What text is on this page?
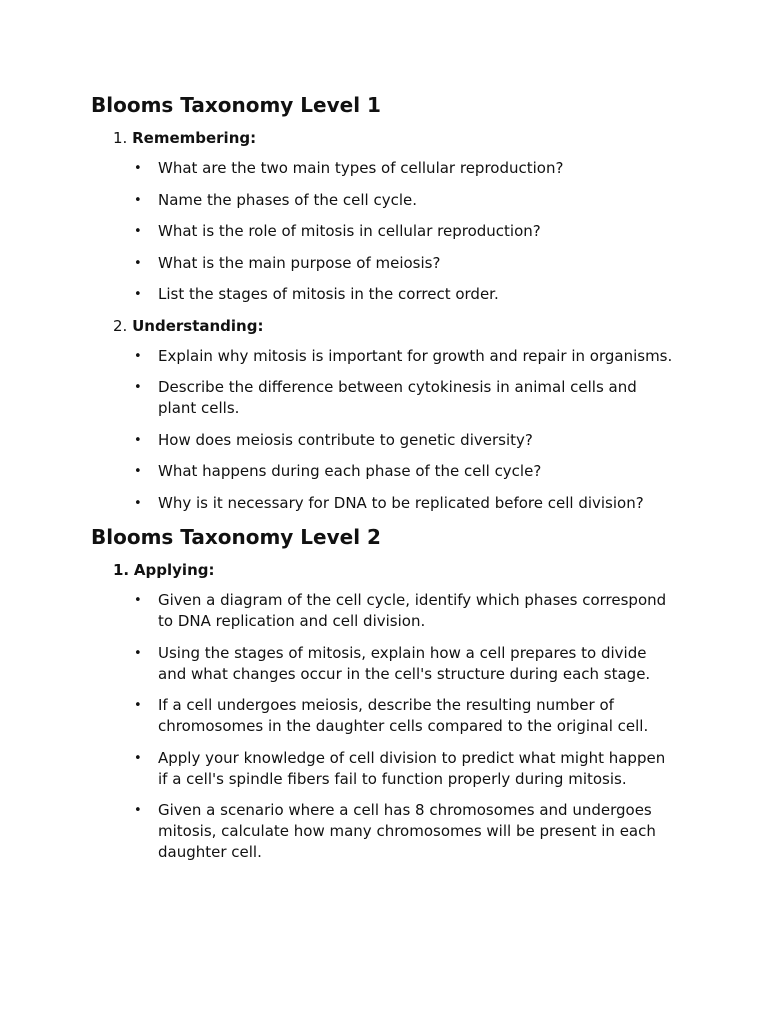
Blooms Taxonomy Level 1
1. Remembering:
• What are the two main types of cellular reproduction?
• Name the phases of the cell cycle.
• What is the role of mitosis in cellular reproduction?
• What is the main purpose of meiosis?
• List the stages of mitosis in the correct order.
2. Understanding:
• Explain why mitosis is important for growth and repair in organisms.
• Describe the difference between cytokinesis in animal cells and plant cells.
• How does meiosis contribute to genetic diversity?
• What happens during each phase of the cell cycle?
• Why is it necessary for DNA to be replicated before cell division?
Blooms Taxonomy Level 2
1. Applying:
• Given a diagram of the cell cycle, identify which phases correspond to DNA replication and cell division.
• Using the stages of mitosis, explain how a cell prepares to divide and what changes occur in the cell's structure during each stage.
• If a cell undergoes meiosis, describe the resulting number of chromosomes in the daughter cells compared to the original cell.
• Apply your knowledge of cell division to predict what might happen if a cell's spindle fibers fail to function properly during mitosis.
• Given a scenario where a cell has 8 chromosomes and undergoes mitosis, calculate how many chromosomes will be present in each daughter cell.
